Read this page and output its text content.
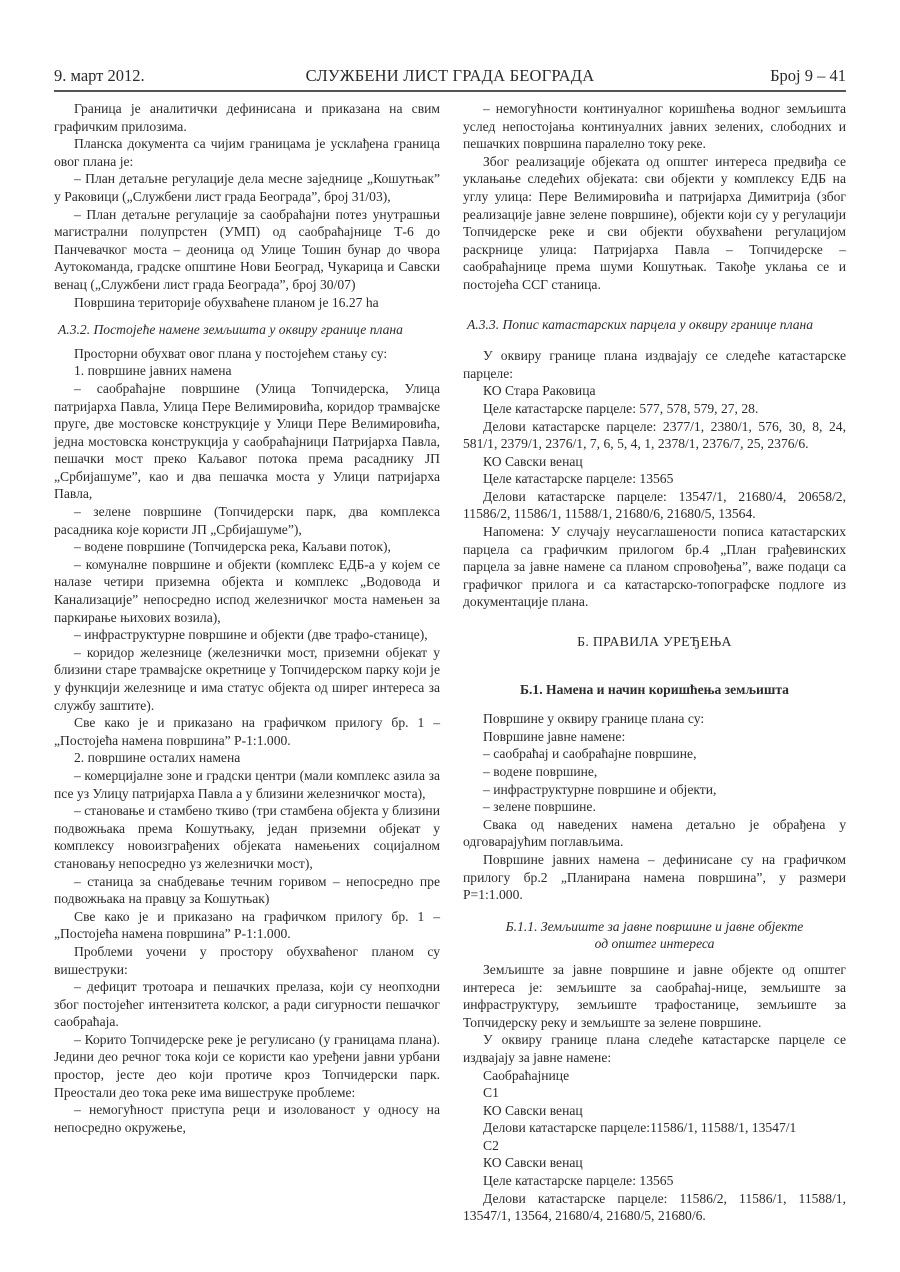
СЛУЖБЕНИ ЛИСТ ГРАДА БЕОГРАДА
9. март 2012.	Број 9 – 41

Граница је аналитички дефинисана и приказана на свим графичким прилозима.

Планска документа са чијим границама је усклађена граница овог плана је:

– План детаљне регулације дела месне заједнице „Кошутњак” у Раковици („Службени лист града Београда”, број 31/03),

– План детаљне регулације за саобраћајни потез унутрашњи магистрални полупрстен (УМП) од саобраћајнице Т-6 до Панчевачког моста – деоница од Улице Тошин бунар до чвора Аутокоманда, градске општине Нови Београд, Чукарица и Савски венац („Службени лист града Београда”, број 30/07)

Површина територије обухваћене планом је 16.27 ha

А.3.2. Постојеће намене земљишта у оквиру границе плана

Просторни обухват овог плана у постојећем стању су:

1. површине јавних намена

– саобраћајне површине (Улица Топчидерска, Улица патријарха Павла, Улица Пере Велимировића, коридор трамвајске пруге, две мостовске конструкције у Улици Пере Велимировића, једна мостовска конструкција у саобраћајници Патријарха Павла, пешачки мост преко Каљавог потока према расаднику ЈП „Србијашуме”, као и два пешачка моста у Улици патријарха Павла,

– зелене површине (Топчидерски парк, два комплекса расадника које користи ЈП „Србијашуме”),

– водене површине (Топчидерска река, Каљави поток),

– комуналне површине и објекти (комплекс ЕДБ-а у којем се налазе четири приземна објекта и комплекс „Водовода и Канализације” непосредно испод железничког моста намењен за паркирање њихових возила),

– инфраструктурне површине и објекти (две трафо-станице),

– коридор железнице (железнички мост, приземни објекат у близини старе трамвајске окретнице у Топчидерском парку који је у функцији железнице и има статус објекта од ширег интереса за службу заштите).

Све како је и приказано на графичком прилогу бр. 1 – „Постојећа намена површина” Р-1:1.000.

2. површине осталих намена

– комерцијалне зоне и градски центри (мали комплекс азила за псе уз Улицу патријарха Павла а у близини железничког моста),

– становање и стамбено ткиво (три стамбена објекта у близини подвожњака према Кошутњаку, један приземни објекат у комплексу новоизграђених објеката намењених социјалном становању непосредно уз железнички мост),

– станица за снабдевање течним горивом – непосредно пре подвожњака на правцу за Кошутњак)

Све како је и приказано на графичком прилогу бр. 1 – „Постојећа намена површина” Р-1:1.000.

Проблеми уочени у простору обухваћеног планом су вишеструки:

– дефицит тротоара и пешачких прелаза, који су неопходни због постојећег интензитета колског, а ради сигурности пешачког саобраћаја.

– Корито Топчидерске реке је регулисано (у границама плана). Једини део речног тока који се користи као уређени јавни урбани простор, јесте део који протиче кроз Топчидерски парк. Преостали део тока реке има вишеструке проблеме:

– немогућност приступа реци и изолованост у односу на непосредно окружење,

– немогућности континуалног коришћења водног земљишта услед непостојања континуалних јавних зелених, слободних и пешачких површина паралелно току реке.

Због реализације објеката од општег интереса предвиђа се уклањање следећих објеката: сви објекти у комплексу ЕДБ на углу улица: Пере Велимировића и патријарха Димитрија (због реализације јавне зелене површине), објекти који су у регулацији Топчидерске реке и сви објекти обухваћени регулацијом раскрнице улица: Патријарха Павла – Топчидерске – саобраћајнице према шуми Кошутњак. Такође уклања се и постојећа ССГ станица.

А.3.3. Попис катастарских парцела у оквиру границе плана

У оквиру границе плана издвајају се следеће катастарске парцеле:

КО Стара Раковица

Целе катастарске парцеле: 577, 578, 579, 27, 28.

Делови катастарске парцеле: 2377/1, 2380/1, 576, 30, 8, 24, 581/1, 2379/1, 2376/1, 7, 6, 5, 4, 1, 2378/1, 2376/7, 25, 2376/6.

КО Савски венац

Целе катастарске парцеле: 13565

Делови катастарске парцеле: 13547/1, 21680/4, 20658/2, 11586/2, 11586/1, 11588/1, 21680/6, 21680/5, 13564.

Напомена: У случају неусаглашености пописа катастарских парцела са графичким прилогом бр.4 „План грађевинских парцела за јавне намене са планом спровођења”, важе подаци са графичког прилога и са катастарско-топографске подлоге из документације плана.

Б. ПРАВИЛА УРЕЂЕЊА
Б.1. Намена и начин коришћења земљишта

Површине у оквиру границе плана су:

Површине јавне намене:

– саобраћај и саобраћајне површине,

– водене површине,

– инфраструктурне површине и објекти,

– зелене површине.

Свака од наведених намена детаљно је обрађена у одговарајућим поглављима.

Површине јавних намена – дефинисане су на графичком прилогу бр.2 „Планирана намена површина”, у размери Р=1:1.000.

Б.1.1. Земљиште за јавне површине и јавне објекте
од општег интереса

Земљиште за јавне површине и јавне објекте од општег интереса је: земљиште за саобраћај-нице, земљиште за инфраструктуру, земљиште трафостанице, земљиште за Топчидерску реку и земљиште за зелене површине.

У оквиру границе плана следеће катастарске парцеле се издвајају за јавне намене:

Саобраћајнице

С1

КО Савски венац

Делови катастарске парцеле:11586/1, 11588/1, 13547/1

С2

КО Савски венац

Целе катастарске парцеле: 13565

Делови катастарске парцеле: 11586/2, 11586/1, 11588/1, 13547/1, 13564, 21680/4, 21680/5, 21680/6.
